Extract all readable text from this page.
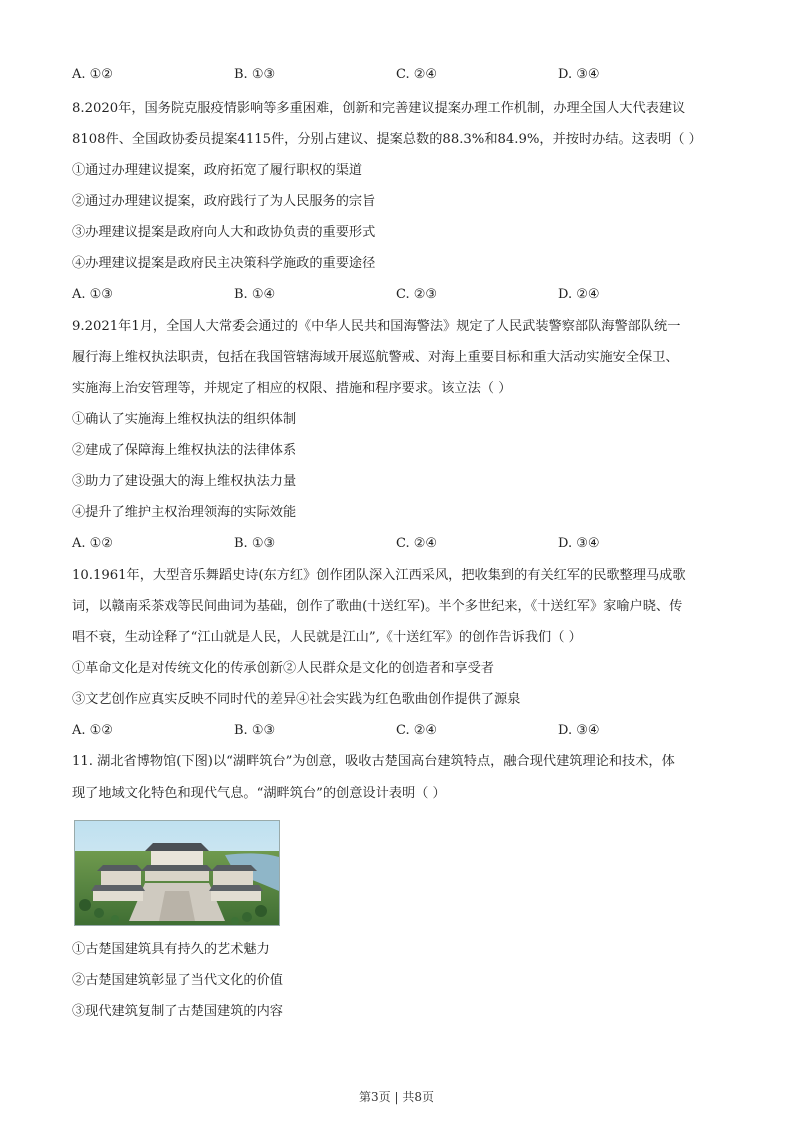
A. ①②	B. ①③	C. ②④	D. ③④
8.2020年，国务院克服疫情影响等多重困难，创新和完善建议提案办理工作机制，办理全国人大代表建议
8108件、全国政协委员提案4115件，分别占建议、提案总数的88.3%和84.9%，并按时办结。这表明（ ）
①通过办理建议提案，政府拓宽了履行职权的渠道
②通过办理建议提案，政府践行了为人民服务的宗旨
③办理建议提案是政府向人大和政协负责的重要形式
④办理建议提案是政府民主决策科学施政的重要途径
A. ①③	B. ①④	C. ②③	D. ②④
9.2021年1月，全国人大常委会通过的《中华人民共和国海警法》规定了人民武装警察部队海警部队统一
履行海上维权执法职责，包括在我国管辖海域开展巡航警戒、对海上重要目标和重大活动实施安全保卫、
实施海上治安管理等，并规定了相应的权限、措施和程序要求。该立法（ ）
①确认了实施海上维权执法的组织体制
②建成了保障海上维权执法的法律体系
③助力了建设强大的海上维权执法力量
④提升了维护主权治理领海的实际效能
A. ①②	B. ①③	C. ②④	D. ③④
10.1961年，大型音乐舞蹈史诗(东方红》创作团队深入江西采风，把收集到的有关红军的民歌整理马成歌
词，以赣南采茶戏等民间曲词为基础，创作了歌曲(十送红军)。半个多世纪来，《十送红军》家喻户晓、传
唱不衰，生动诠释了“江山就是人民，人民就是江山”,《十送红军》的创作告诉我们（ ）
①革命文化是对传统文化的传承创新②人民群众是文化的创造者和享受者
③文艺创作应真实反映不同时代的差异④社会实践为红色歌曲创作提供了源泉
A. ①②	B. ①③	C. ②④	D. ③④
11. 湖北省博物馆(下图)以“湖畔筑台”为创意，吸收古楚国高台建筑特点，融合现代建筑理论和技术，体
现了地域文化特色和现代气息。“湖畔筑台”的创意设计表明（ ）
①古楚国建筑具有持久的艺术魅力
②古楚国建筑彰显了当代文化的价值
③现代建筑复制了古楚国建筑的内容
第3页 | 共8页
